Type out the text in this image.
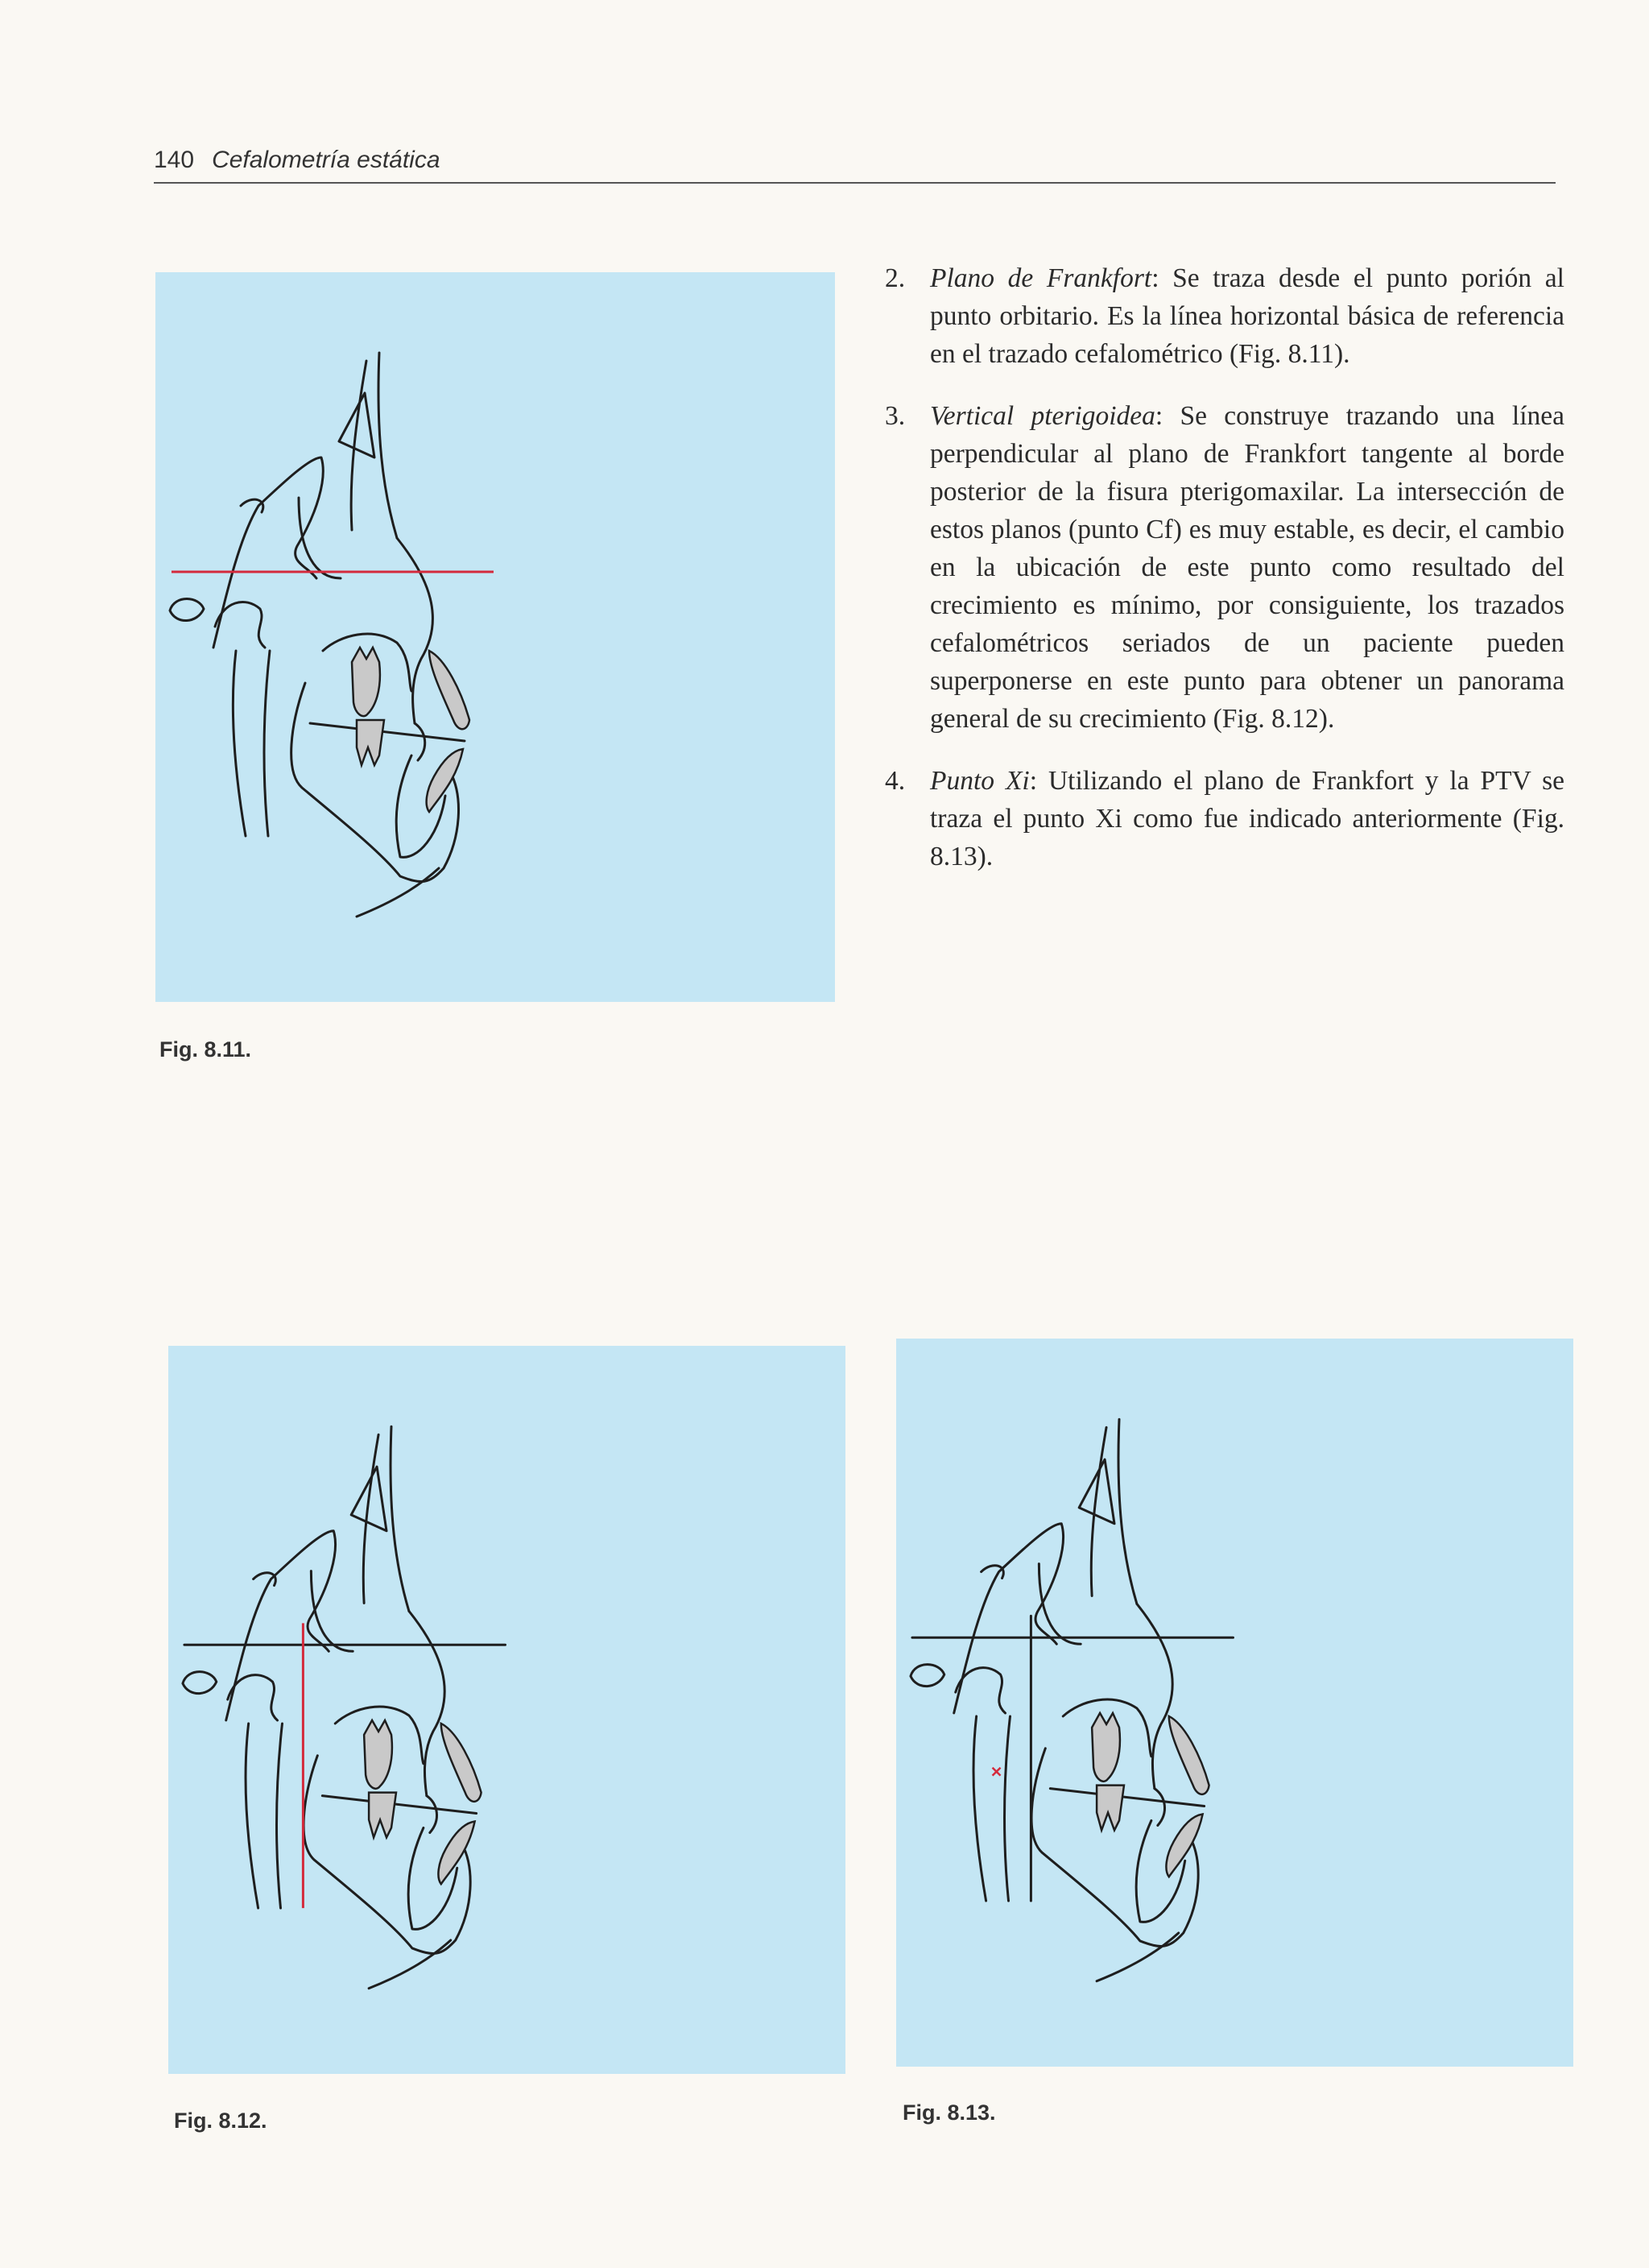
140 Cefalometría estática
Fig. 8.11.
2. Plano de Frankfort: Se traza desde el punto porión al punto orbitario. Es la línea horizontal básica de referencia en el trazado cefalométrico (Fig. 8.11).
3. Vertical pterigoidea: Se construye trazando una línea perpendicular al plano de Frankfort tangente al borde posterior de la fisura pterigomaxilar. La intersección de estos planos (punto Cf) es muy estable, es decir, el cambio en la ubicación de este punto como resultado del crecimiento es mínimo, por consiguiente, los trazados cefalométricos seriados de un paciente pueden superponerse en este punto para obtener un panorama general de su crecimiento (Fig. 8.12).
4. Punto Xi: Utilizando el plano de Frankfort y la PTV se traza el punto Xi como fue indicado anteriormente (Fig. 8.13).
Fig. 8.12.	Fig. 8.13.
